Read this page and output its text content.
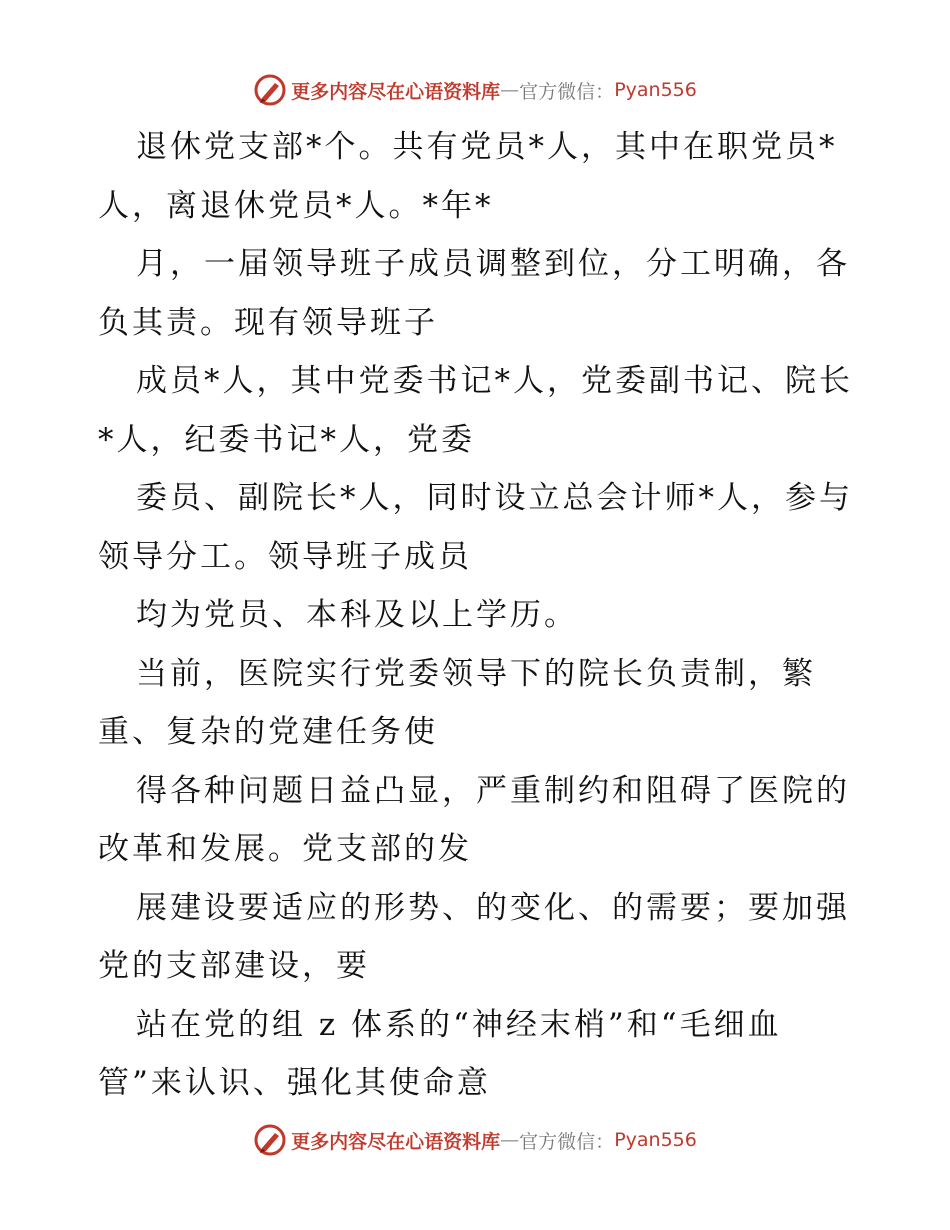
更多内容尽在心语资料库 — 官方微信： Pyan556
退休党支部*个。共有党员*人，其中在职党员*
人，离退休党员*人。*年*
月，一届领导班子成员调整到位，分工明确，各
负其责。现有领导班子
成员*人，其中党委书记*人，党委副书记、院长
*人，纪委书记*人，党委
委员、副院长*人，同时设立总会计师*人，参与
领导分工。领导班子成员
均为党员、本科及以上学历。
当前，医院实行党委领导下的院长负责制，繁
重、复杂的党建任务使
得各种问题日益凸显，严重制约和阻碍了医院的
改革和发展。党支部的发
展建设要适应的形势、的变化、的需要；要加强
党的支部建设，要
站在党的组 z 体系的“神经末梢”和“毛细血
管”来认识、强化其使命意
更多内容尽在心语资料库 — 官方微信： Pyan556
